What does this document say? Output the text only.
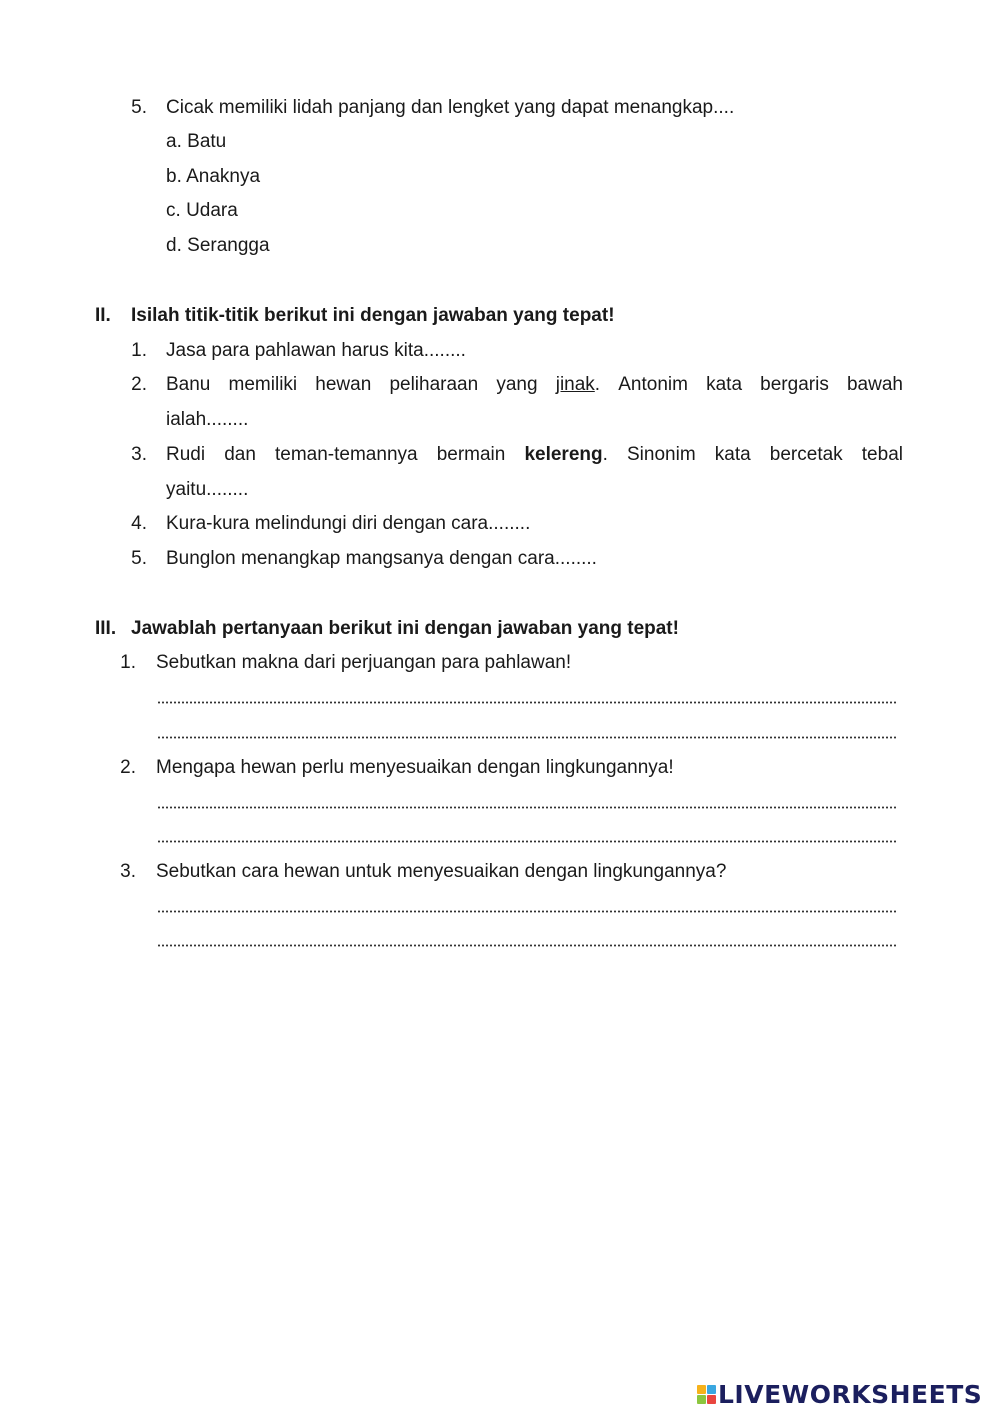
5. Cicak memiliki lidah panjang dan lengket yang dapat menangkap....
a. Batu
b. Anaknya
c. Udara
d. Serangga
II. Isilah titik-titik berikut ini dengan jawaban yang tepat!
1. Jasa para pahlawan harus kita........
2. Banu memiliki hewan peliharaan yang jinak. Antonim kata bergaris bawah
ialah........
3. Rudi dan teman-temannya bermain kelereng. Sinonim kata bercetak tebal
yaitu........
4. Kura-kura melindungi diri dengan cara........
5. Bunglon menangkap mangsanya dengan cara........
III. Jawablah pertanyaan berikut ini dengan jawaban yang tepat!
1. Sebutkan makna dari perjuangan para pahlawan!
2. Mengapa hewan perlu menyesuaikan dengan lingkungannya!
3. Sebutkan cara hewan untuk menyesuaikan dengan lingkungannya?
LIVEWORKSHEETS
